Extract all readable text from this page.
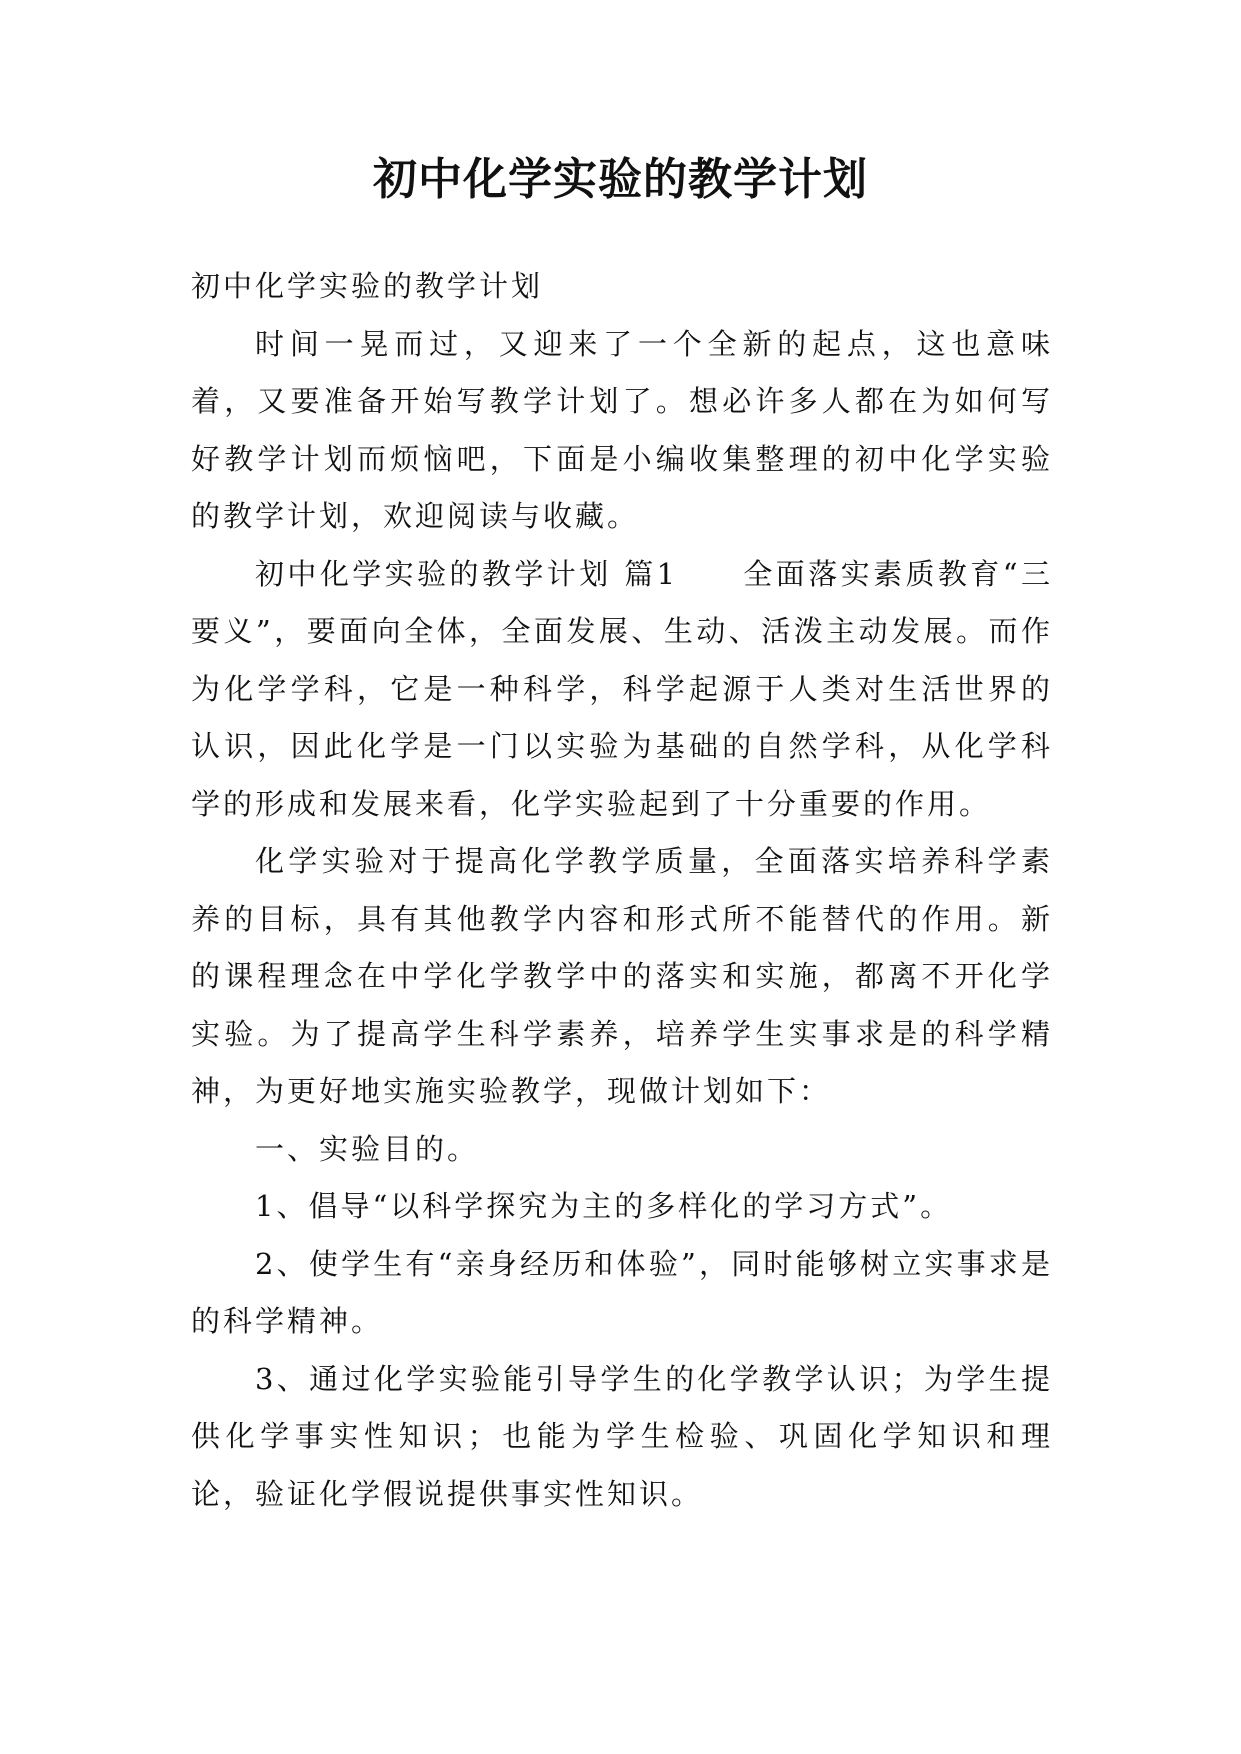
初中化学实验的教学计划

初中化学实验的教学计划

时间一晃而过，又迎来了一个全新的起点，这也意味着，又要准备开始写教学计划了。想必许多人都在为如何写好教学计划而烦恼吧，下面是小编收集整理的初中化学实验的教学计划，欢迎阅读与收藏。

初中化学实验的教学计划 篇1　　全面落实素质教育“三要义”，要面向全体，全面发展、生动、活泼主动发展。而作为化学学科，它是一种科学，科学起源于人类对生活世界的认识，因此化学是一门以实验为基础的自然学科，从化学科学的形成和发展来看，化学实验起到了十分重要的作用。

化学实验对于提高化学教学质量，全面落实培养科学素养的目标，具有其他教学内容和形式所不能替代的作用。新的课程理念在中学化学教学中的落实和实施，都离不开化学实验。为了提高学生科学素养，培养学生实事求是的科学精神，为更好地实施实验教学，现做计划如下：

一、实验目的。

1、倡导“以科学探究为主的多样化的学习方式”。

2、使学生有“亲身经历和体验”，同时能够树立实事求是的科学精神。

3、通过化学实验能引导学生的化学教学认识；为学生提供化学事实性知识；也能为学生检验、巩固化学知识和理论，验证化学假说提供事实性知识。
